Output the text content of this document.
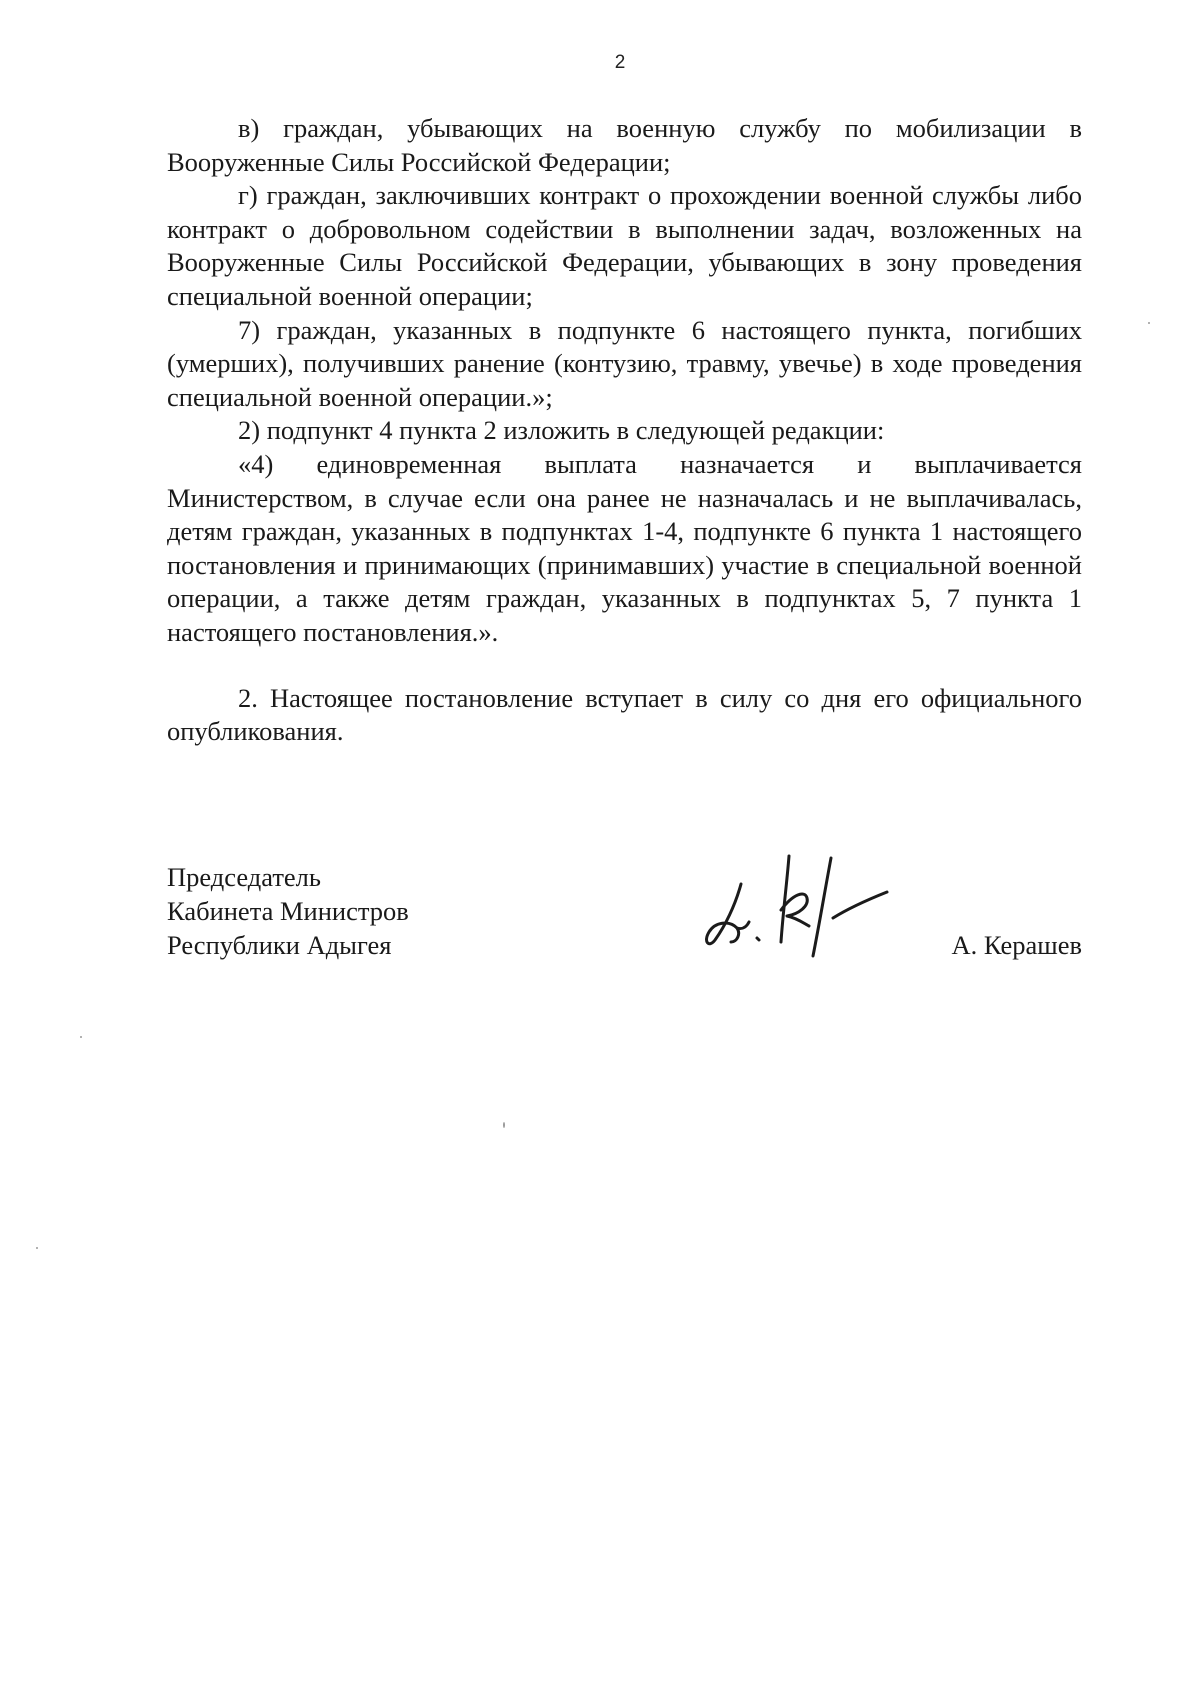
2

в) граждан, убывающих на военную службу по мобилизации в Вооруженные Силы Российской Федерации;

г) граждан, заключивших контракт о прохождении военной службы либо контракт о добровольном содействии в выполнении задач, возложенных на Вооруженные Силы Российской Федерации, убывающих в зону проведения специальной военной операции;

7) граждан, указанных в подпункте 6 настоящего пункта, погибших (умерших), получивших ранение (контузию, травму, увечье) в ходе проведения специальной военной операции.»;

2) подпункт 4 пункта 2 изложить в следующей редакции:

«4) единовременная выплата назначается и выплачивается Министерством, в случае если она ранее не назначалась и не выплачивалась, детям граждан, указанных в подпунктах 1-4, подпункте 6 пункта 1 настоящего постановления и принимающих (принимавших) участие в специальной военной операции, а также детям граждан, указанных в подпунктах 5, 7 пункта 1 настоящего постановления.».

2. Настоящее постановление вступает в силу со дня его официального опубликования.

Председатель
Кабинета Министров
Республики Адыгея	А. Керашев
